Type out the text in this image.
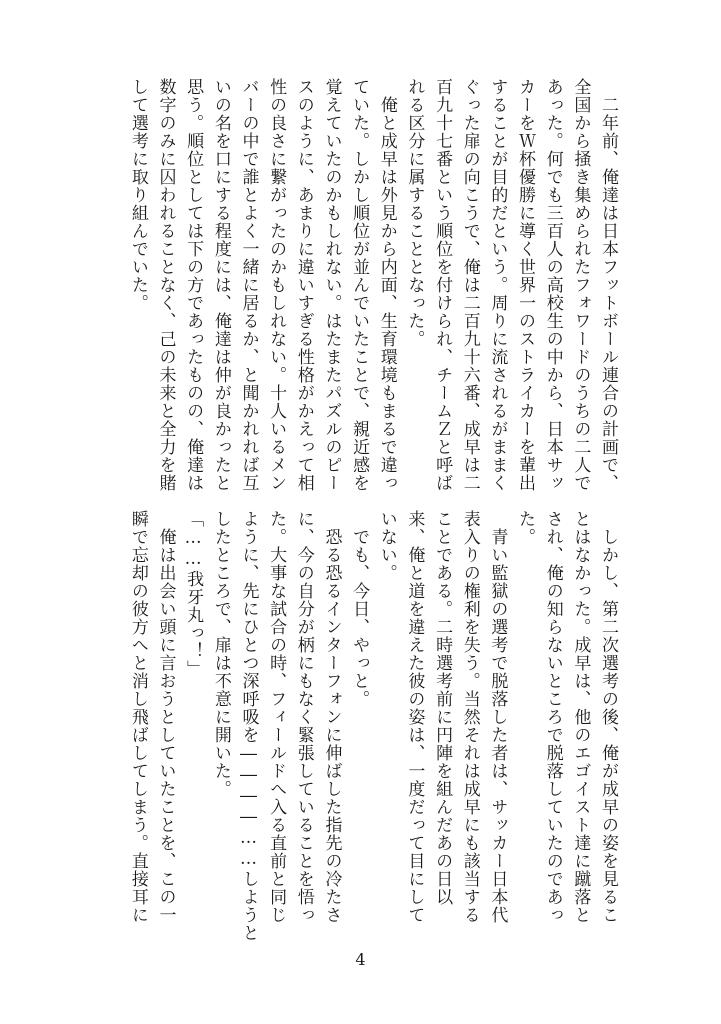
　二年前、俺達は日本フットボール連合の計画で、
全国から掻き集められたフォワードのうちの二人で
あった。何でも三百人の高校生の中から、日本サッ
カーをＷ杯優勝に導く世界一のストライカーを輩出
することが目的だという。周りに流されるがままく
ぐった扉の向こうで、俺は二百九十六番、成早は二
百九十七番という順位を付けられ、チームＺと呼ば
れる区分に属することとなった。
　俺と成早は外見から内面、生育環境もまるで違っ
ていた。しかし順位が並んでいたことで、親近感を
覚えていたのかもしれない。はたまたパズルのピー
スのように、あまりに違いすぎる性格がかえって相
性の良さに繋がったのかもしれない。十人いるメン
バーの中で誰とよく一緒に居るか、と聞かれれば互
いの名を口にする程度には、俺達は仲が良かったと
思う。順位としては下の方であったものの、俺達は
数字のみに囚われることなく、己の未来と全力を賭
して選考に取り組んでいた。
　しかし、第二次選考の後、俺が成早の姿を見るこ
とはなかった。成早は、他のエゴイスト達に蹴落と
され、俺の知らないところで脱落していたのであっ
た。
　青い監獄の選考で脱落した者は、サッカー日本代
表入りの権利を失う。当然それは成早にも該当する
ことである。二時選考前に円陣を組んだあの日以
来、俺と道を違えた彼の姿は、一度だって目にして
いない。
　でも、今日、やっと。
　恐る恐るインターフォンに伸ばした指先の冷たさ
に、今の自分が柄にもなく緊張していることを悟っ
た。大事な試合の時、フィールドへ入る直前と同じ
ように、先にひとつ深呼吸を――――……しようと
したところで、扉は不意に開いた。
「……我牙丸っ！」
　俺は出会い頭に言おうとしていたことを、この一
瞬で忘却の彼方へと消し飛ばしてしまう。直接耳に
4
